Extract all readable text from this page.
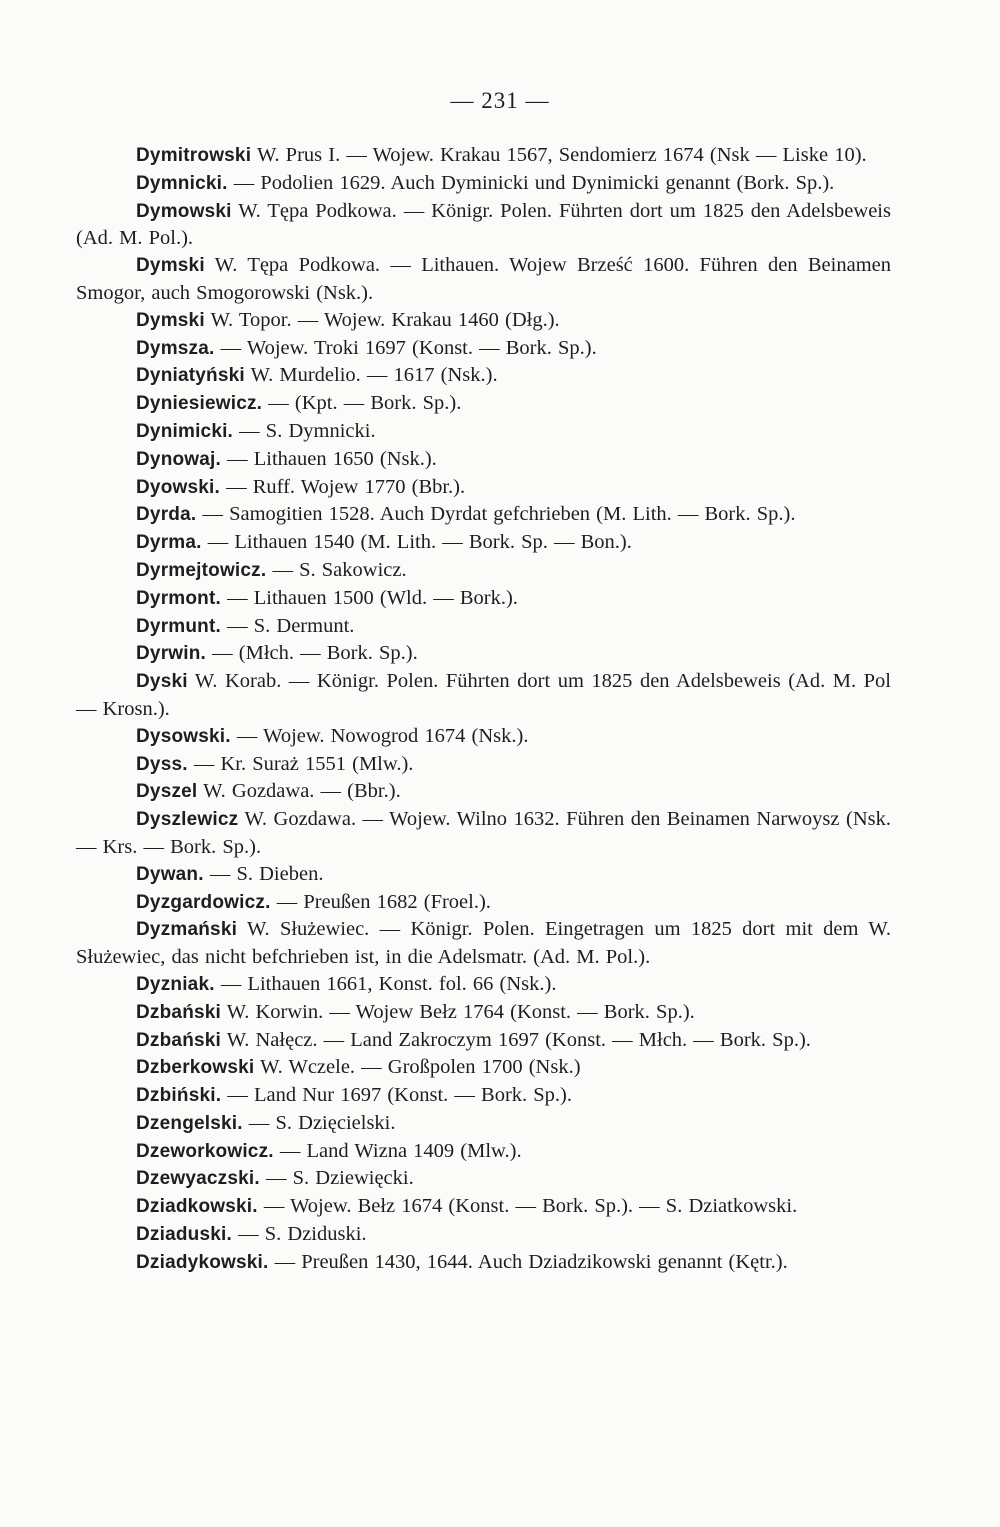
— 231 —
Dymitrowski W. Prus I. — Wojew. Krakau 1567, Sendomierz 1674 (Nsk — Liske 10).
Dymnicki. — Podolien 1629. Auch Dyminicki und Dynimicki genannt (Bork. Sp.).
Dymowski W. Tępa Podkowa. — Königr. Polen. Führten dort um 1825 den Adelsbeweis (Ad. M. Pol.).
Dymski W. Tępa Podkowa. — Lithauen. Wojew Brześć 1600. Führen den Beinamen Smogor, auch Smogorowski (Nsk.).
Dymski W. Topor. — Wojew. Krakau 1460 (Dłg.).
Dymsza. — Wojew. Troki 1697 (Konst. — Bork. Sp.).
Dyniatyński W. Murdelio. — 1617 (Nsk.).
Dyniesiewicz. — (Kpt. — Bork. Sp.).
Dynimicki. — S. Dymnicki.
Dynowaj. — Lithauen 1650 (Nsk.).
Dyowski. — Ruff. Wojew 1770 (Bbr.).
Dyrda. — Samogitien 1528. Auch Dyrdat gefchrieben (M. Lith. — Bork. Sp.).
Dyrma. — Lithauen 1540 (M. Lith. — Bork. Sp. — Bon.).
Dyrmejtowicz. — S. Sakowicz.
Dyrmont. — Lithauen 1500 (Wld. — Bork.).
Dyrmunt. — S. Dermunt.
Dyrwin. — (Młch. — Bork. Sp.).
Dyski W. Korab. — Königr. Polen. Führten dort um 1825 den Adelsbeweis (Ad. M. Pol — Krosn.).
Dysowski. — Wojew. Nowogrod 1674 (Nsk.).
Dyss. — Kr. Suraż 1551 (Mlw.).
Dyszel W. Gozdawa. — (Bbr.).
Dyszlewicz W. Gozdawa. — Wojew. Wilno 1632. Führen den Beinamen Narwoysz (Nsk. — Krs. — Bork. Sp.).
Dywan. — S. Dieben.
Dyzgardowicz. — Preußen 1682 (Froel.).
Dyzmański W. Służewiec. — Königr. Polen. Eingetragen um 1825 dort mit dem W. Służewiec, das nicht befchrieben ist, in die Adelsmatr. (Ad. M. Pol.).
Dyzniak. — Lithauen 1661, Konst. fol. 66 (Nsk.).
Dzbański W. Korwin. — Wojew Bełz 1764 (Konst. — Bork. Sp.).
Dzbański W. Nałęcz. — Land Zakroczym 1697 (Konst. — Młch. — Bork. Sp.).
Dzberkowski W. Wczele. — Großpolen 1700 (Nsk.)
Dzbiński. — Land Nur 1697 (Konst. — Bork. Sp.).
Dzengelski. — S. Dzięcielski.
Dzeworkowicz. — Land Wizna 1409 (Mlw.).
Dzewyaczski. — S. Dziewięcki.
Dziadkowski. — Wojew. Bełz 1674 (Konst. — Bork. Sp.). — S. Dziatkowski.
Dziaduski. — S. Dziduski.
Dziadykowski. — Preußen 1430, 1644. Auch Dziadzikowski genannt (Kętr.).
